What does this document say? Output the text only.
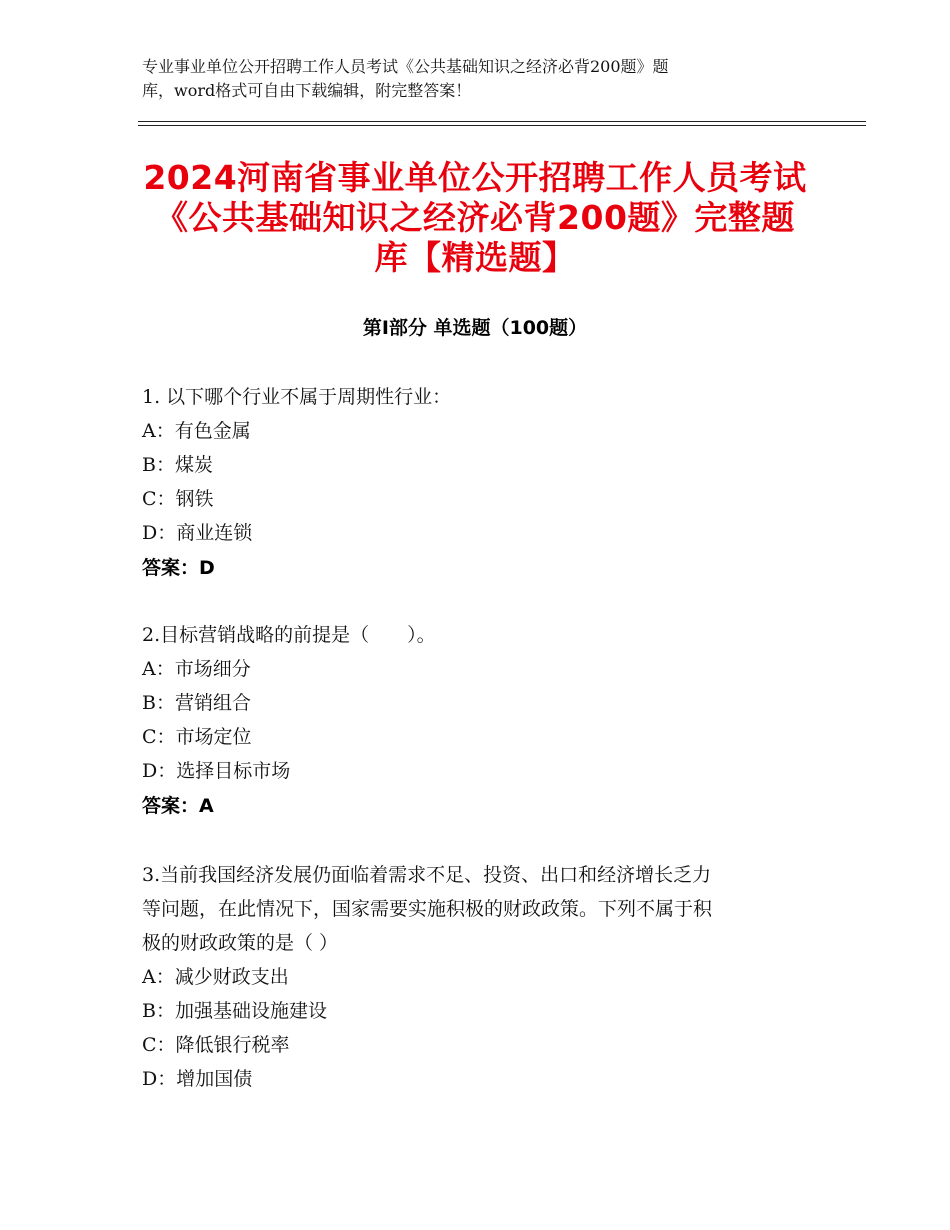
专业事业单位公开招聘工作人员考试《公共基础知识之经济必背200题》题
库，word格式可自由下载编辑，附完整答案！
2024河南省事业单位公开招聘工作人员考试
《公共基础知识之经济必背200题》完整题
库【精选题】
第Ⅰ部分 单选题（100题）
1. 以下哪个行业不属于周期性行业：
A：有色金属
B：煤炭
C：钢铁
D：商业连锁
答案：D
2.目标营销战略的前提是（　　）。
A：市场细分
B：营销组合
C：市场定位
D：选择目标市场
答案：A
3.当前我国经济发展仍面临着需求不足、投资、出口和经济增长乏力
等问题，在此情况下，国家需要实施积极的财政政策。下列不属于积
极的财政政策的是（ ）
A：减少财政支出
B：加强基础设施建设
C：降低银行税率
D：增加国债
